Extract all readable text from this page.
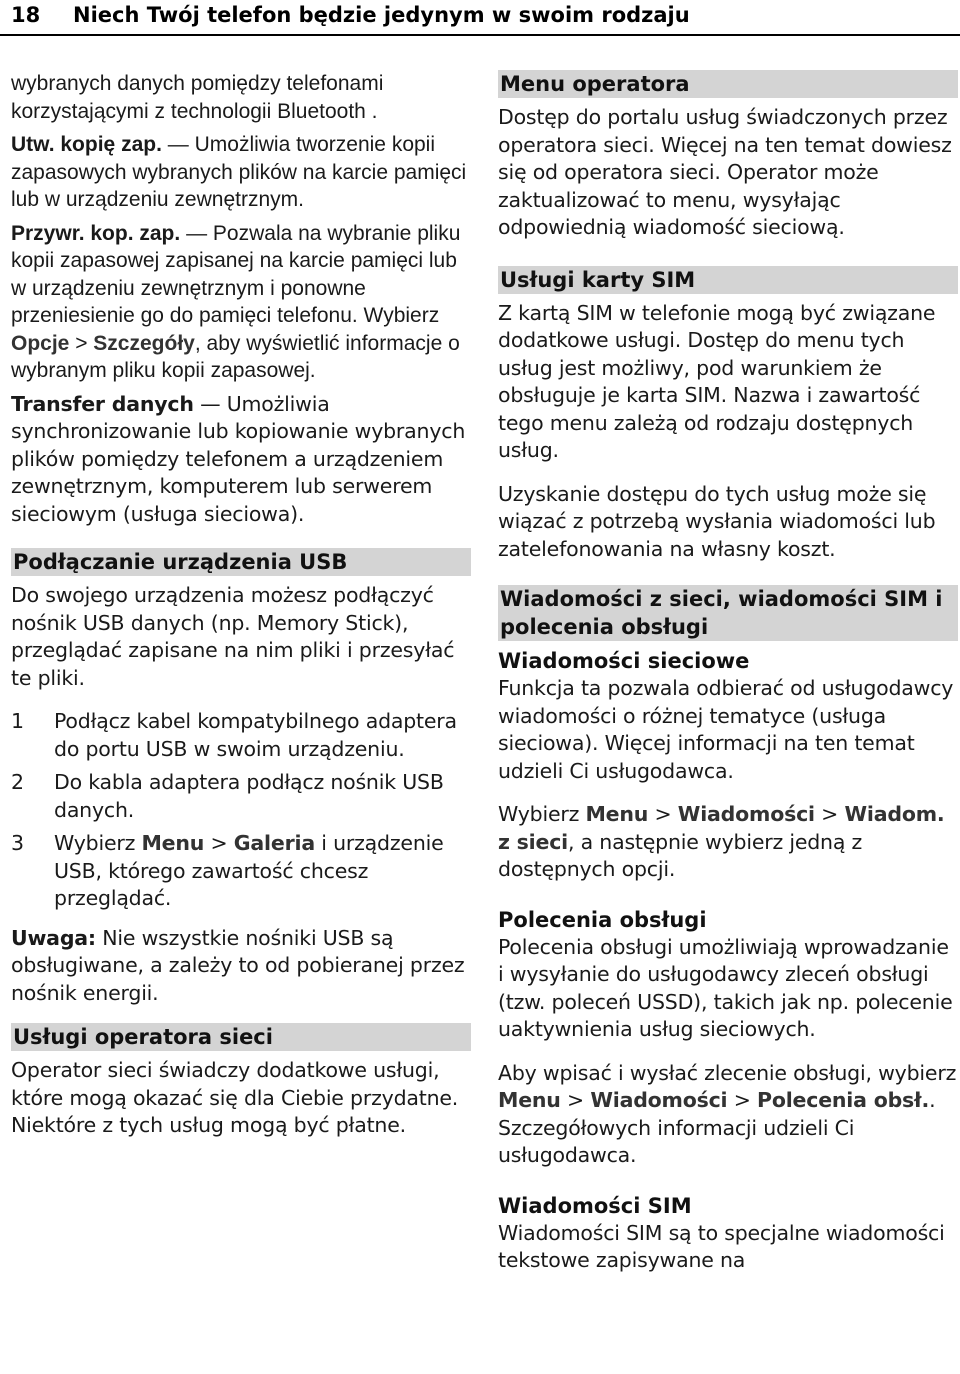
18 Niech Twój telefon będzie jedynym w swoim rodzaju

wybranych danych pomiędzy telefonami korzystającymi z technologii Bluetooth .

Utw. kopię zap. — Umożliwia tworzenie kopii zapasowych wybranych plików na karcie pamięci lub w urządzeniu zewnętrznym.

Przywr. kop. zap. — Pozwala na wybranie pliku kopii zapasowej zapisanej na karcie pamięci lub w urządzeniu zewnętrznym i ponowne przeniesienie go do pamięci telefonu. Wybierz Opcje > Szczegóły, aby wyświetlić informacje o wybranym pliku kopii zapasowej.

Transfer danych — Umożliwia synchronizowanie lub kopiowanie wybranych plików pomiędzy telefonem a urządzeniem zewnętrznym, komputerem lub serwerem sieciowym (usługa sieciowa).

Podłączanie urządzenia USB

Do swojego urządzenia możesz podłączyć nośnik USB danych (np. Memory Stick), przeglądać zapisane na nim pliki i przesyłać te pliki.

1 Podłącz kabel kompatybilnego adaptera do portu USB w swoim urządzeniu.
2 Do kabla adaptera podłącz nośnik USB danych.
3 Wybierz Menu > Galeria i urządzenie USB, którego zawartość chcesz przeglądać.

Uwaga: Nie wszystkie nośniki USB są obsługiwane, a zależy to od pobieranej przez nośnik energii.

Usługi operatora sieci

Operator sieci świadczy dodatkowe usługi, które mogą okazać się dla Ciebie przydatne. Niektóre z tych usług mogą być płatne.

Menu operatora

Dostęp do portalu usług świadczonych przez operatora sieci. Więcej na ten temat dowiesz się od operatora sieci. Operator może zaktualizować to menu, wysyłając odpowiednią wiadomość sieciową.

Usługi karty SIM

Z kartą SIM w telefonie mogą być związane dodatkowe usługi. Dostęp do menu tych usług jest możliwy, pod warunkiem że obsługuje je karta SIM. Nazwa i zawartość tego menu zależą od rodzaju dostępnych usług.

Uzyskanie dostępu do tych usług może się wiązać z potrzebą wysłania wiadomości lub zatelefonowania na własny koszt.

Wiadomości z sieci, wiadomości SIM i polecenia obsługi
Wiadomości sieciowe

Funkcja ta pozwala odbierać od usługodawcy wiadomości o różnej tematyce (usługa sieciowa). Więcej informacji na ten temat udzieli Ci usługodawca.

Wybierz Menu > Wiadomości > Wiadom. z sieci, a następnie wybierz jedną z dostępnych opcji.

Polecenia obsługi

Polecenia obsługi umożliwiają wprowadzanie i wysyłanie do usługodawcy zleceń obsługi (tzw. poleceń USSD), takich jak np. polecenie uaktywnienia usług sieciowych.

Aby wpisać i wysłać zlecenie obsługi, wybierz Menu > Wiadomości > Polecenia obsł.. Szczegółowych informacji udzieli Ci usługodawca.

Wiadomości SIM

Wiadomości SIM są to specjalne wiadomości tekstowe zapisywane na
